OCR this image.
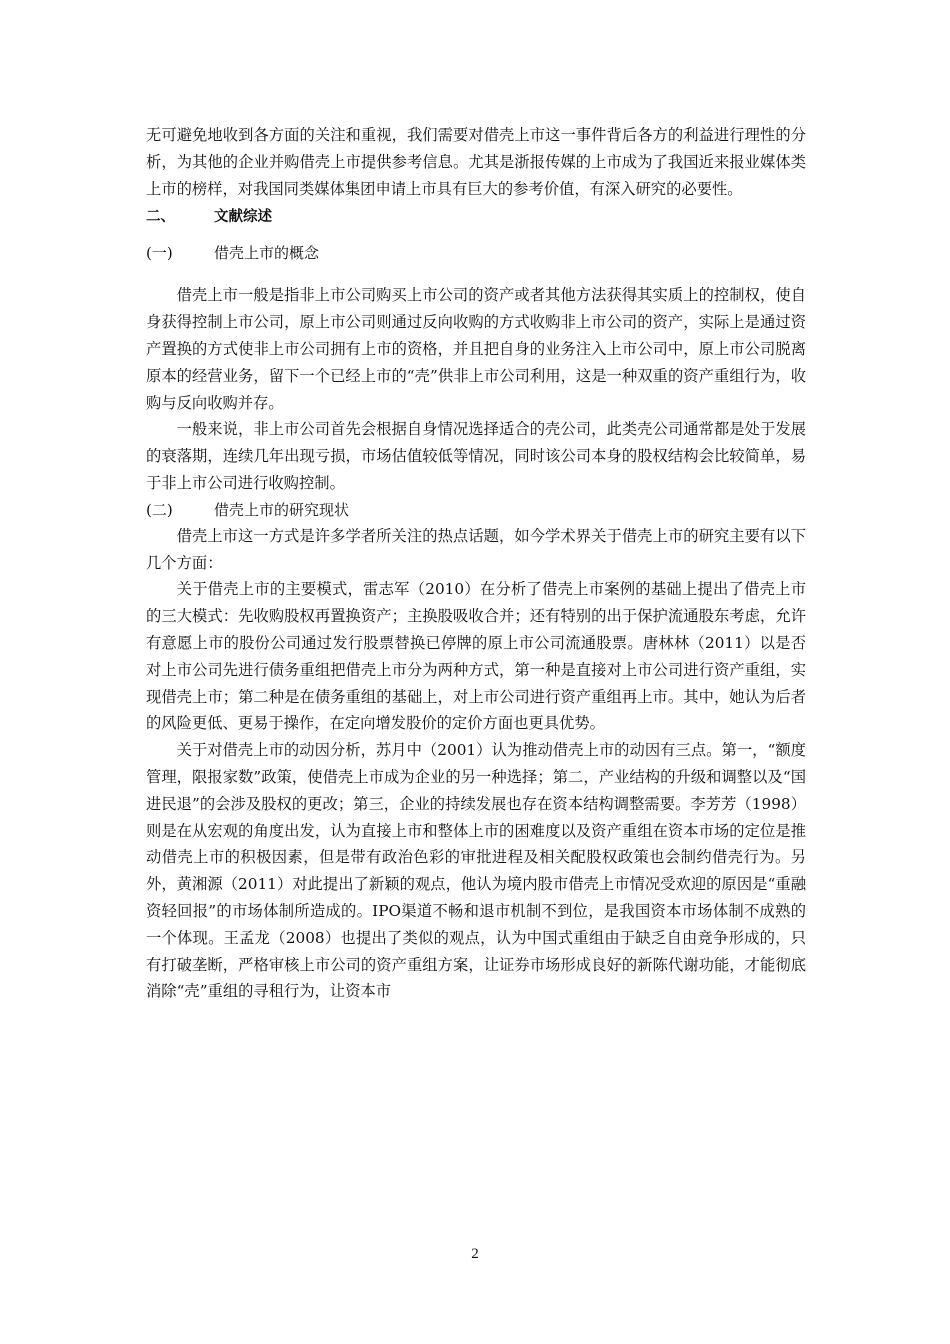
无可避免地收到各方面的关注和重视，我们需要对借壳上市这一事件背后各方的利益进行理性的分析，为其他的企业并购借壳上市提供参考信息。尤其是浙报传媒的上市成为了我国近来报业媒体类上市的榜样，对我国同类媒体集团申请上市具有巨大的参考价值，有深入研究的必要性。

二、	文献综述
(一)	借壳上市的概念

借壳上市一般是指非上市公司购买上市公司的资产或者其他方法获得其实质上的控制权，使自身获得控制上市公司，原上市公司则通过反向收购的方式收购非上市公司的资产，实际上是通过资产置换的方式使非上市公司拥有上市的资格，并且把自身的业务注入上市公司中，原上市公司脱离原本的经营业务，留下一个已经上市的“壳”供非上市公司利用，这是一种双重的资产重组行为，收购与反向收购并存。

一般来说，非上市公司首先会根据自身情况选择适合的壳公司，此类壳公司通常都是处于发展的衰落期，连续几年出现亏损，市场估值较低等情况，同时该公司本身的股权结构会比较简单，易于非上市公司进行收购控制。

(二)	借壳上市的研究现状

借壳上市这一方式是许多学者所关注的热点话题，如今学术界关于借壳上市的研究主要有以下几个方面：

关于借壳上市的主要模式，雷志军（2010）在分析了借壳上市案例的基础上提出了借壳上市的三大模式：先收购股权再置换资产；主换股吸收合并；还有特别的出于保护流通股东考虑，允许有意愿上市的股份公司通过发行股票替换已停牌的原上市公司流通股票。唐林林（2011）以是否对上市公司先进行债务重组把借壳上市分为两种方式，第一种是直接对上市公司进行资产重组，实现借壳上市；第二种是在债务重组的基础上，对上市公司进行资产重组再上市。其中，她认为后者的风险更低、更易于操作，在定向增发股价的定价方面也更具优势。

关于对借壳上市的动因分析，苏月中（2001）认为推动借壳上市的动因有三点。第一，“额度管理，限报家数”政策，使借壳上市成为企业的另一种选择；第二，产业结构的升级和调整以及“国进民退”的会涉及股权的更改；第三，企业的持续发展也存在资本结构调整需要。李芳芳（1998）则是在从宏观的角度出发，认为直接上市和整体上市的困难度以及资产重组在资本市场的定位是推动借壳上市的积极因素，但是带有政治色彩的审批进程及相关配股权政策也会制约借壳行为。另外，黄湘源（2011）对此提出了新颖的观点，他认为境内股市借壳上市情况受欢迎的原因是“重融资轻回报”的市场体制所造成的。IPO渠道不畅和退市机制不到位，是我国资本市场体制不成熟的一个体现。王孟龙（2008）也提出了类似的观点，认为中国式重组由于缺乏自由竞争形成的，只有打破垄断，严格审核上市公司的资产重组方案，让证券市场形成良好的新陈代谢功能，才能彻底消除“壳”重组的寻租行为，让资本市

2
